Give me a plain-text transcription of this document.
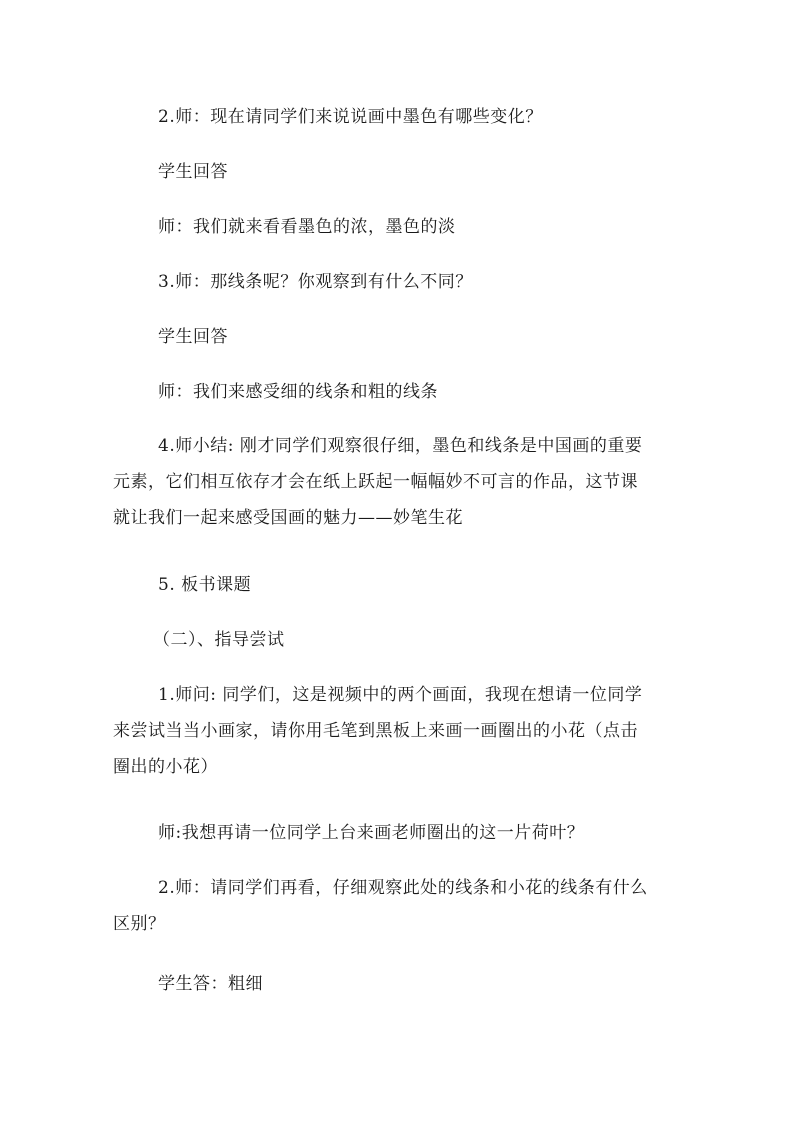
2.师：现在请同学们来说说画中墨色有哪些变化？

学生回答

师：我们就来看看墨色的浓，墨色的淡

3.师：那线条呢？你观察到有什么不同？

学生回答

师：我们来感受细的线条和粗的线条

4.师小结: 刚才同学们观察很仔细，墨色和线条是中国画的重要
元素，它们相互依存才会在纸上跃起一幅幅妙不可言的作品，这节课
就让我们一起来感受国画的魅力——妙笔生花

5. 板书课题

（二）、指导尝试

1.师问: 同学们，这是视频中的两个画面，我现在想请一位同学
来尝试当当小画家，请你用毛笔到黑板上来画一画圈出的小花（点击
圈出的小花）

师:我想再请一位同学上台来画老师圈出的这一片荷叶？

2.师：请同学们再看，仔细观察此处的线条和小花的线条有什么
区别？

学生答：粗细
